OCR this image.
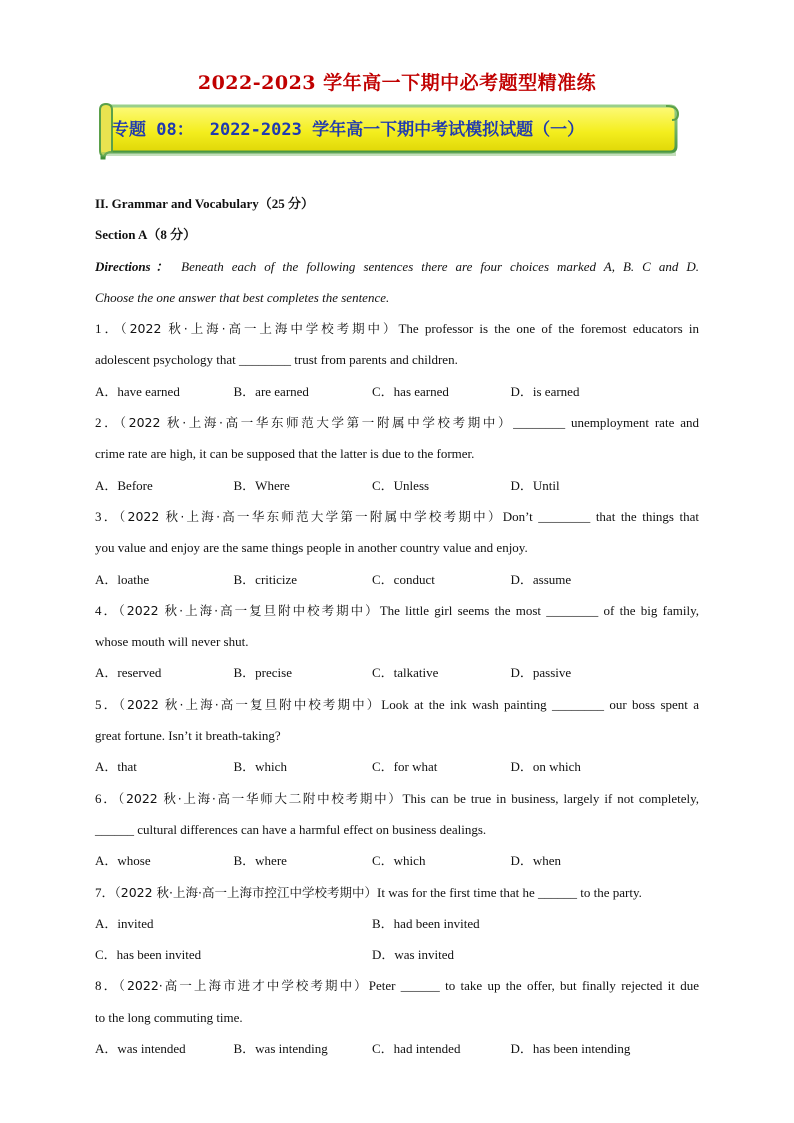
2022-2023 学年高一下期中必考题型精准练
专题 08： 2022-2023 学年高一下期中考试模拟试题（一）
II. Grammar and Vocabulary（25 分）
Section A（8 分）
Directions： Beneath each of the following sentences there are four choices marked A, B. C and D.
Choose the one answer that best completes the sentence.
1．（2022 秋·上海·高一上海中学校考期中）The professor is the one of the foremost educators in
adolescent psychology that ________ trust from parents and children.
A．have earned	B．are earned	C．has earned	D．is earned
2．（2022 秋·上海·高一华东师范大学第一附属中学校考期中）________ unemployment rate and
crime rate are high, it can be supposed that the latter is due to the former.
A．Before	B．Where	C．Unless	D．Until
3．（2022 秋·上海·高一华东师范大学第一附属中学校考期中）Don’t ________ that the things that
you value and enjoy are the same things people in another country value and enjoy.
A．loathe	B．criticize	C．conduct	D．assume
4．（2022 秋·上海·高一复旦附中校考期中）The little girl seems the most ________ of the big family,
whose mouth will never shut.
A．reserved	B．precise	C．talkative	D．passive
5．（2022 秋·上海·高一复旦附中校考期中）Look at the ink wash painting ________ our boss spent a
great fortune. Isn’t it breath-taking?
A．that	B．which	C．for what	D．on which
6．（2022 秋·上海·高一华师大二附中校考期中）This can be true in business, largely if not completely,
______ cultural differences can have a harmful effect on business dealings.
A．whose	B．where	C．which	D．when
7．（2022 秋·上海·高一上海市控江中学校考期中）It was for the first time that he ______ to the party.
A．invited	B．had been invited
C．has been invited	D．was invited
8．（2022·高一上海市进才中学校考期中）Peter ______ to take up the offer, but finally rejected it due
to the long commuting time.
A．was intended	B．was intending	C．had intended	D．has been intending
